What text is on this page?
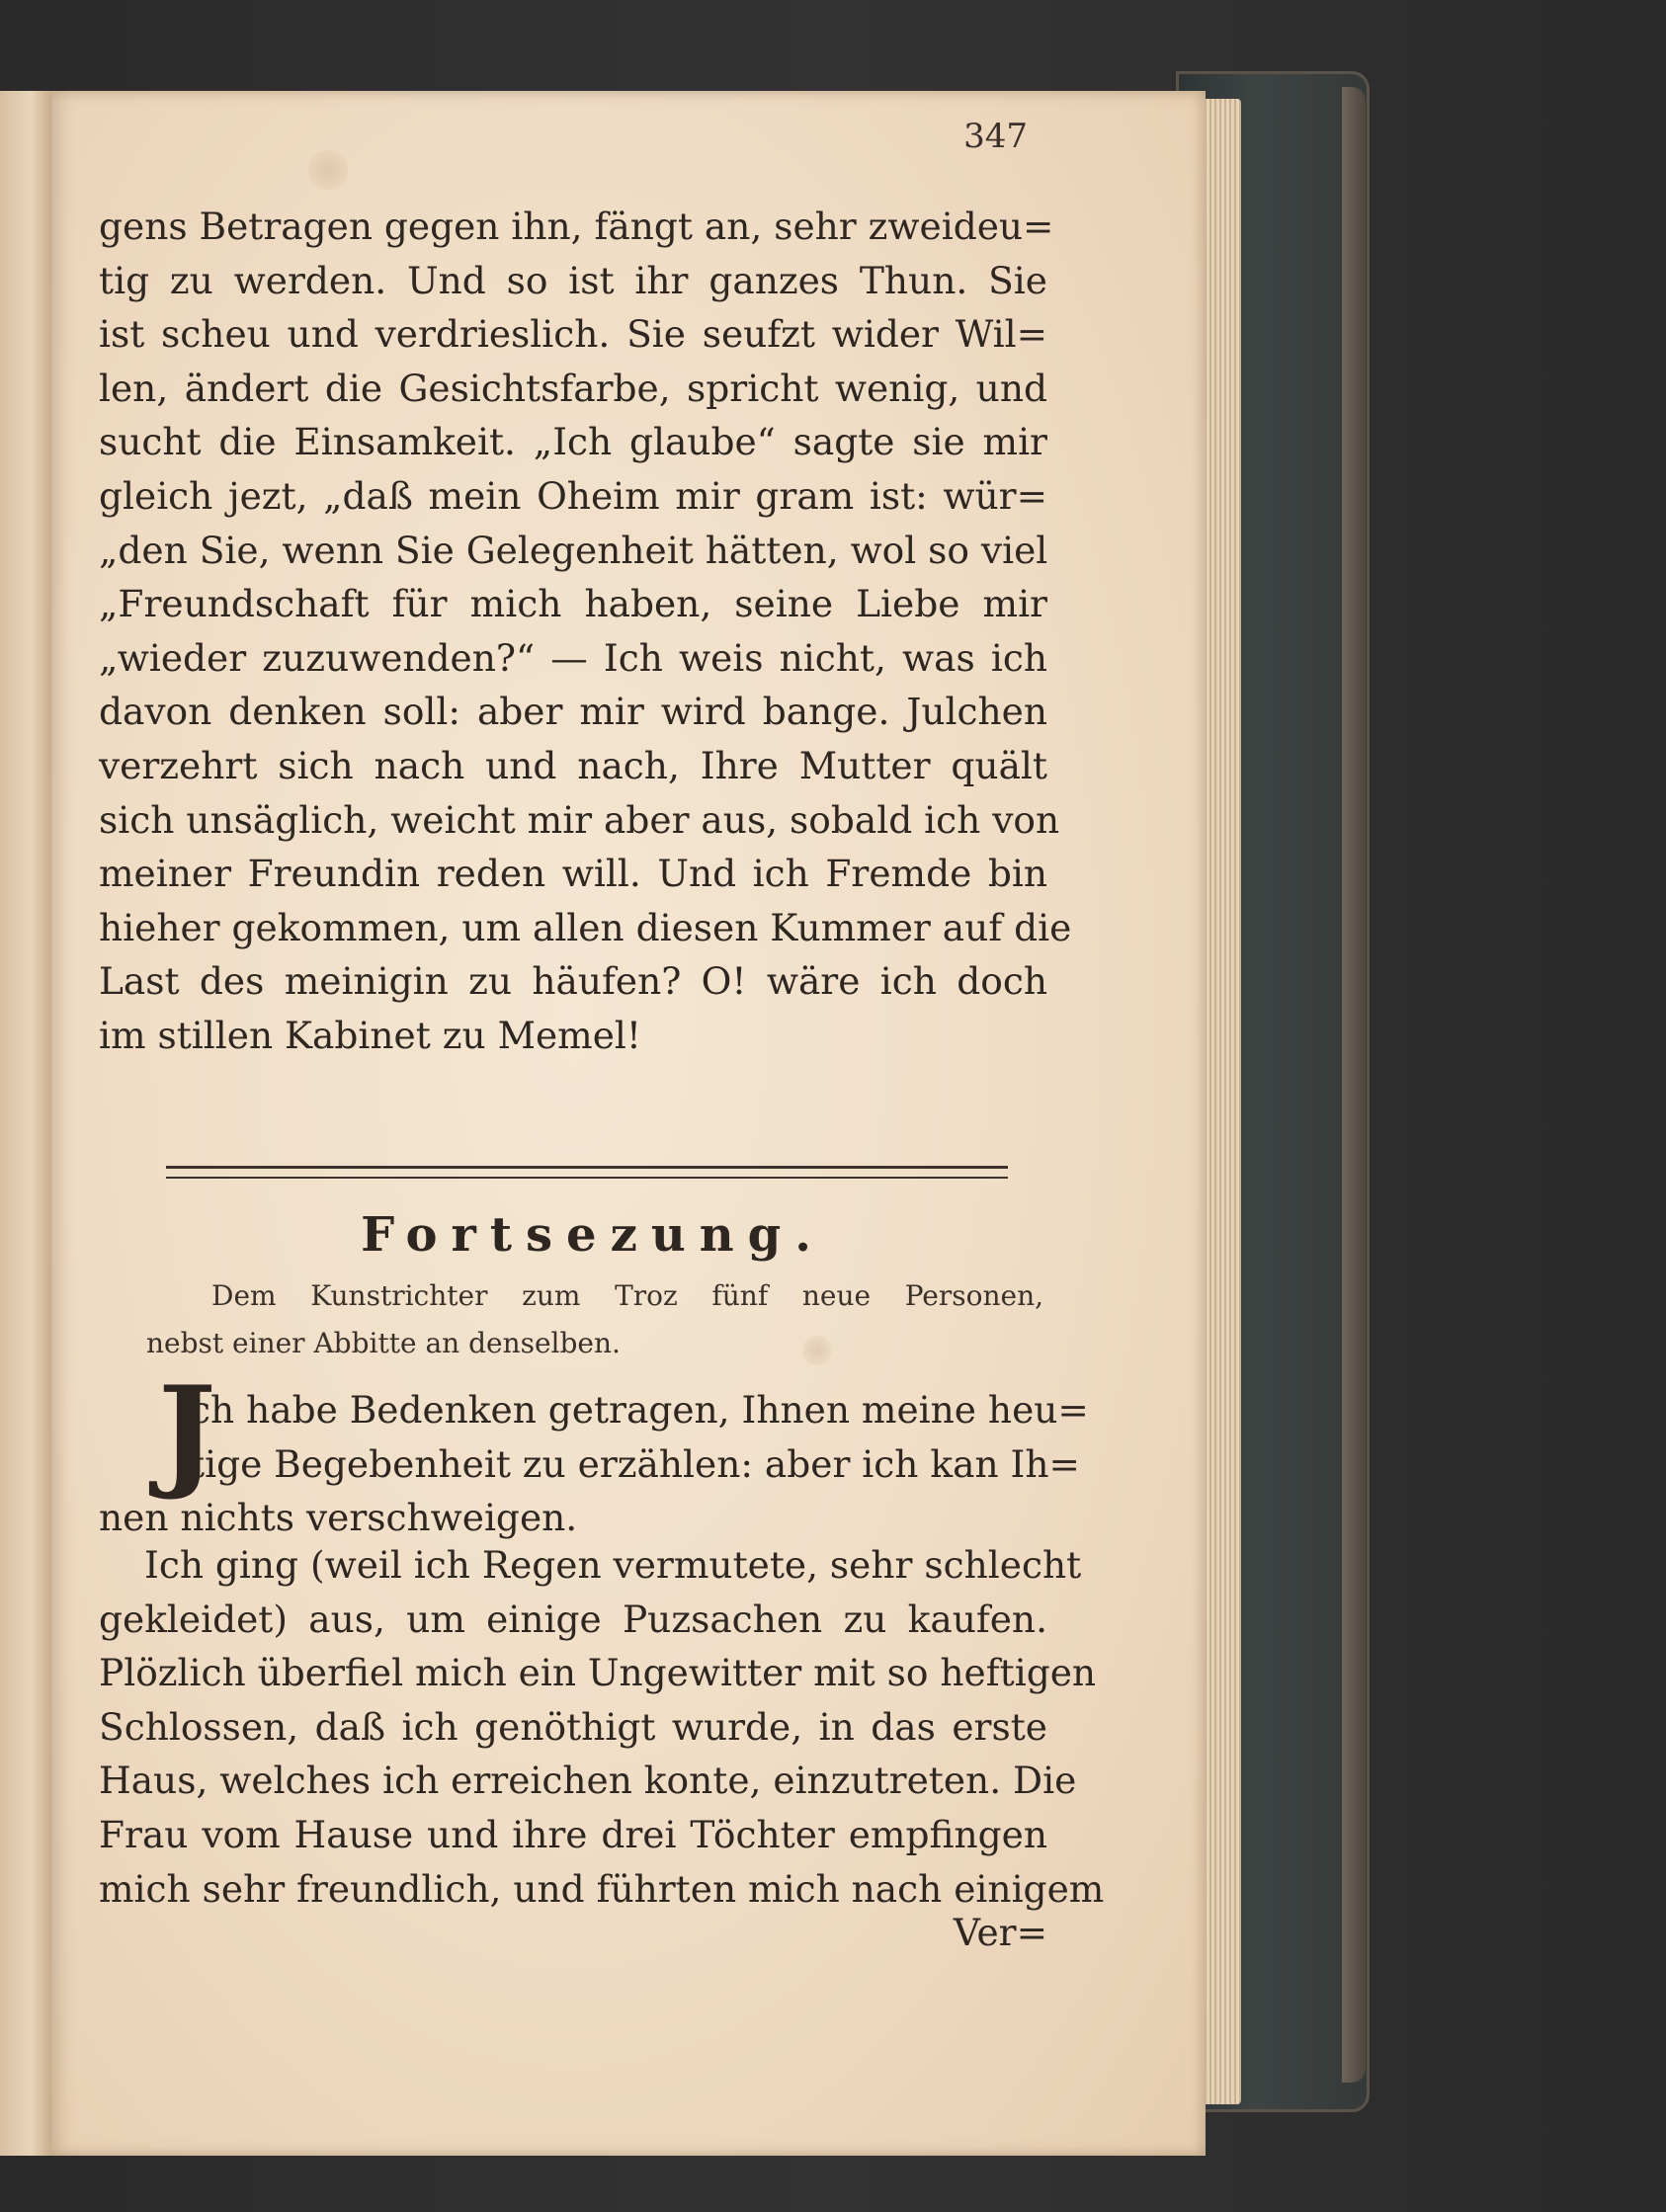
347
gens Betragen gegen ihn, fängt an, sehr zweideu=
tig zu werden. Und so ist ihr ganzes Thun. Sie
ist scheu und verdrieslich. Sie seufzt wider Wil=
len, ändert die Gesichtsfarbe, spricht wenig, und
sucht die Einsamkeit. „Ich glaube“ sagte sie mir
gleich jezt, „daß mein Oheim mir gram ist: wür=
„den Sie, wenn Sie Gelegenheit hätten, wol so viel
„Freundschaft für mich haben, seine Liebe mir
„wieder zuzuwenden?“ — Ich weis nicht, was ich
davon denken soll: aber mir wird bange. Julchen
verzehrt sich nach und nach, Ihre Mutter quält
sich unsäglich, weicht mir aber aus, sobald ich von
meiner Freundin reden will. Und ich Fremde bin
hieher gekommen, um allen diesen Kummer auf die
Last des meinigin zu häufen? O! wäre ich doch
im stillen Kabinet zu Memel!
Fortsezung.
Dem Kunstrichter zum Troz fünf neue Personen,
nebst einer Abbitte an denselben.
J
ch habe Bedenken getragen, Ihnen meine heu=
tige Begebenheit zu erzählen: aber ich kan Ih=
nen nichts verschweigen.
Ich ging (weil ich Regen vermutete, sehr schlecht
gekleidet) aus, um einige Puzsachen zu kaufen.
Plözlich überfiel mich ein Ungewitter mit so heftigen
Schlossen, daß ich genöthigt wurde, in das erste
Haus, welches ich erreichen konte, einzutreten. Die
Frau vom Hause und ihre drei Töchter empfingen
mich sehr freundlich, und führten mich nach einigem
Ver=
